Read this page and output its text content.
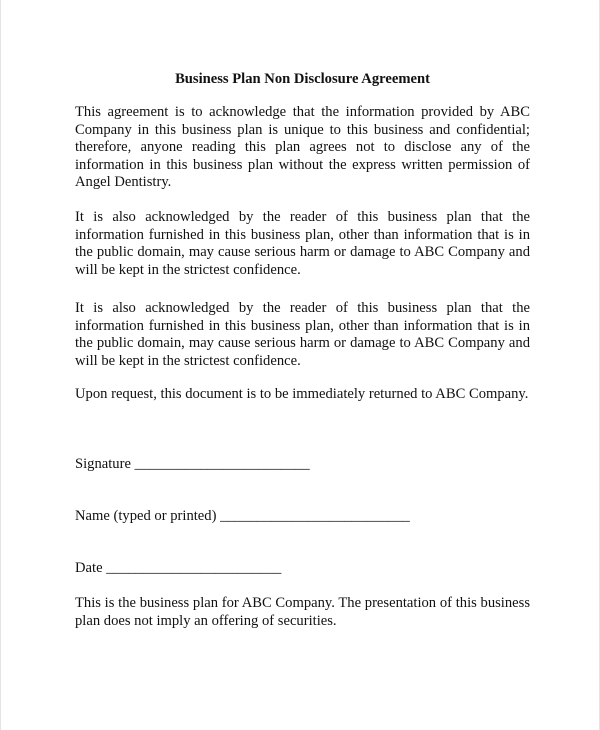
Business Plan Non Disclosure Agreement

This agreement is to acknowledge that the information provided by ABC Company in this business plan is unique to this business and confidential; therefore, anyone reading this plan agrees not to disclose any of the information in this business plan without the express written permission of Angel Dentistry.

It is also acknowledged by the reader of this business plan that the information furnished in this business plan, other than information that is in the public domain, may cause serious harm or damage to ABC Company and will be kept in the strictest confidence.

It is also acknowledged by the reader of this business plan that the information furnished in this business plan, other than information that is in the public domain, may cause serious harm or damage to ABC Company and will be kept in the strictest confidence.

Upon request, this document is to be immediately returned to ABC Company.

Signature ________________________

Name (typed or printed) __________________________

Date ________________________

This is the business plan for ABC Company. The presentation of this business plan does not imply an offering of securities.
